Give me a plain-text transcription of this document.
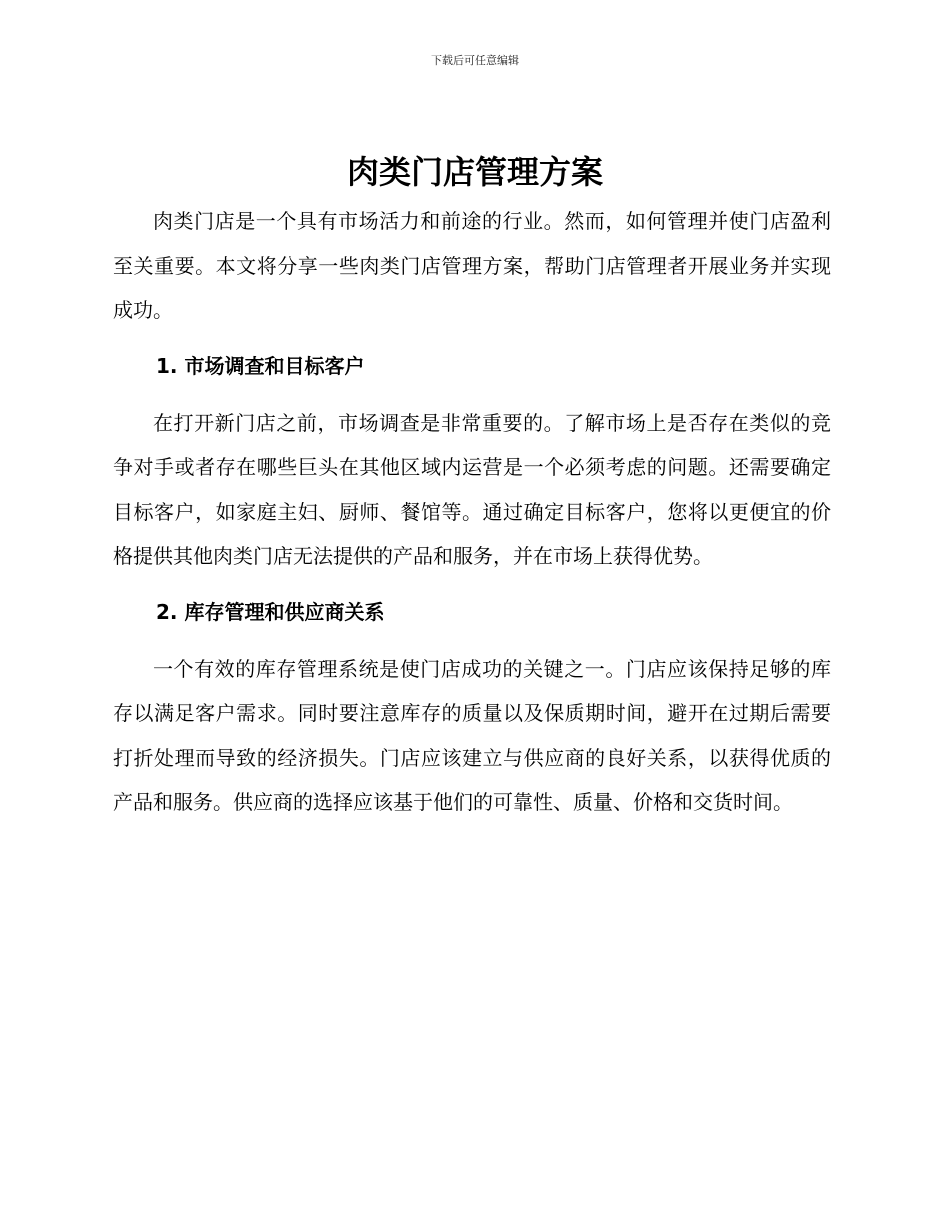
下载后可任意编辑
肉类门店管理方案

肉类门店是一个具有市场活力和前途的行业。然而，如何管理并使门店盈利至关重要。本文将分享一些肉类门店管理方案，帮助门店管理者开展业务并实现成功。

1. 市场调查和目标客户

在打开新门店之前，市场调查是非常重要的。了解市场上是否存在类似的竞争对手或者存在哪些巨头在其他区域内运营是一个必须考虑的问题。还需要确定目标客户，如家庭主妇、厨师、餐馆等。通过确定目标客户，您将以更便宜的价格提供其他肉类门店无法提供的产品和服务，并在市场上获得优势。

2. 库存管理和供应商关系

一个有效的库存管理系统是使门店成功的关键之一。门店应该保持足够的库存以满足客户需求。同时要注意库存的质量以及保质期时间，避开在过期后需要打折处理而导致的经济损失。门店应该建立与供应商的良好关系，以获得优质的产品和服务。供应商的选择应该基于他们的可靠性、质量、价格和交货时间。
